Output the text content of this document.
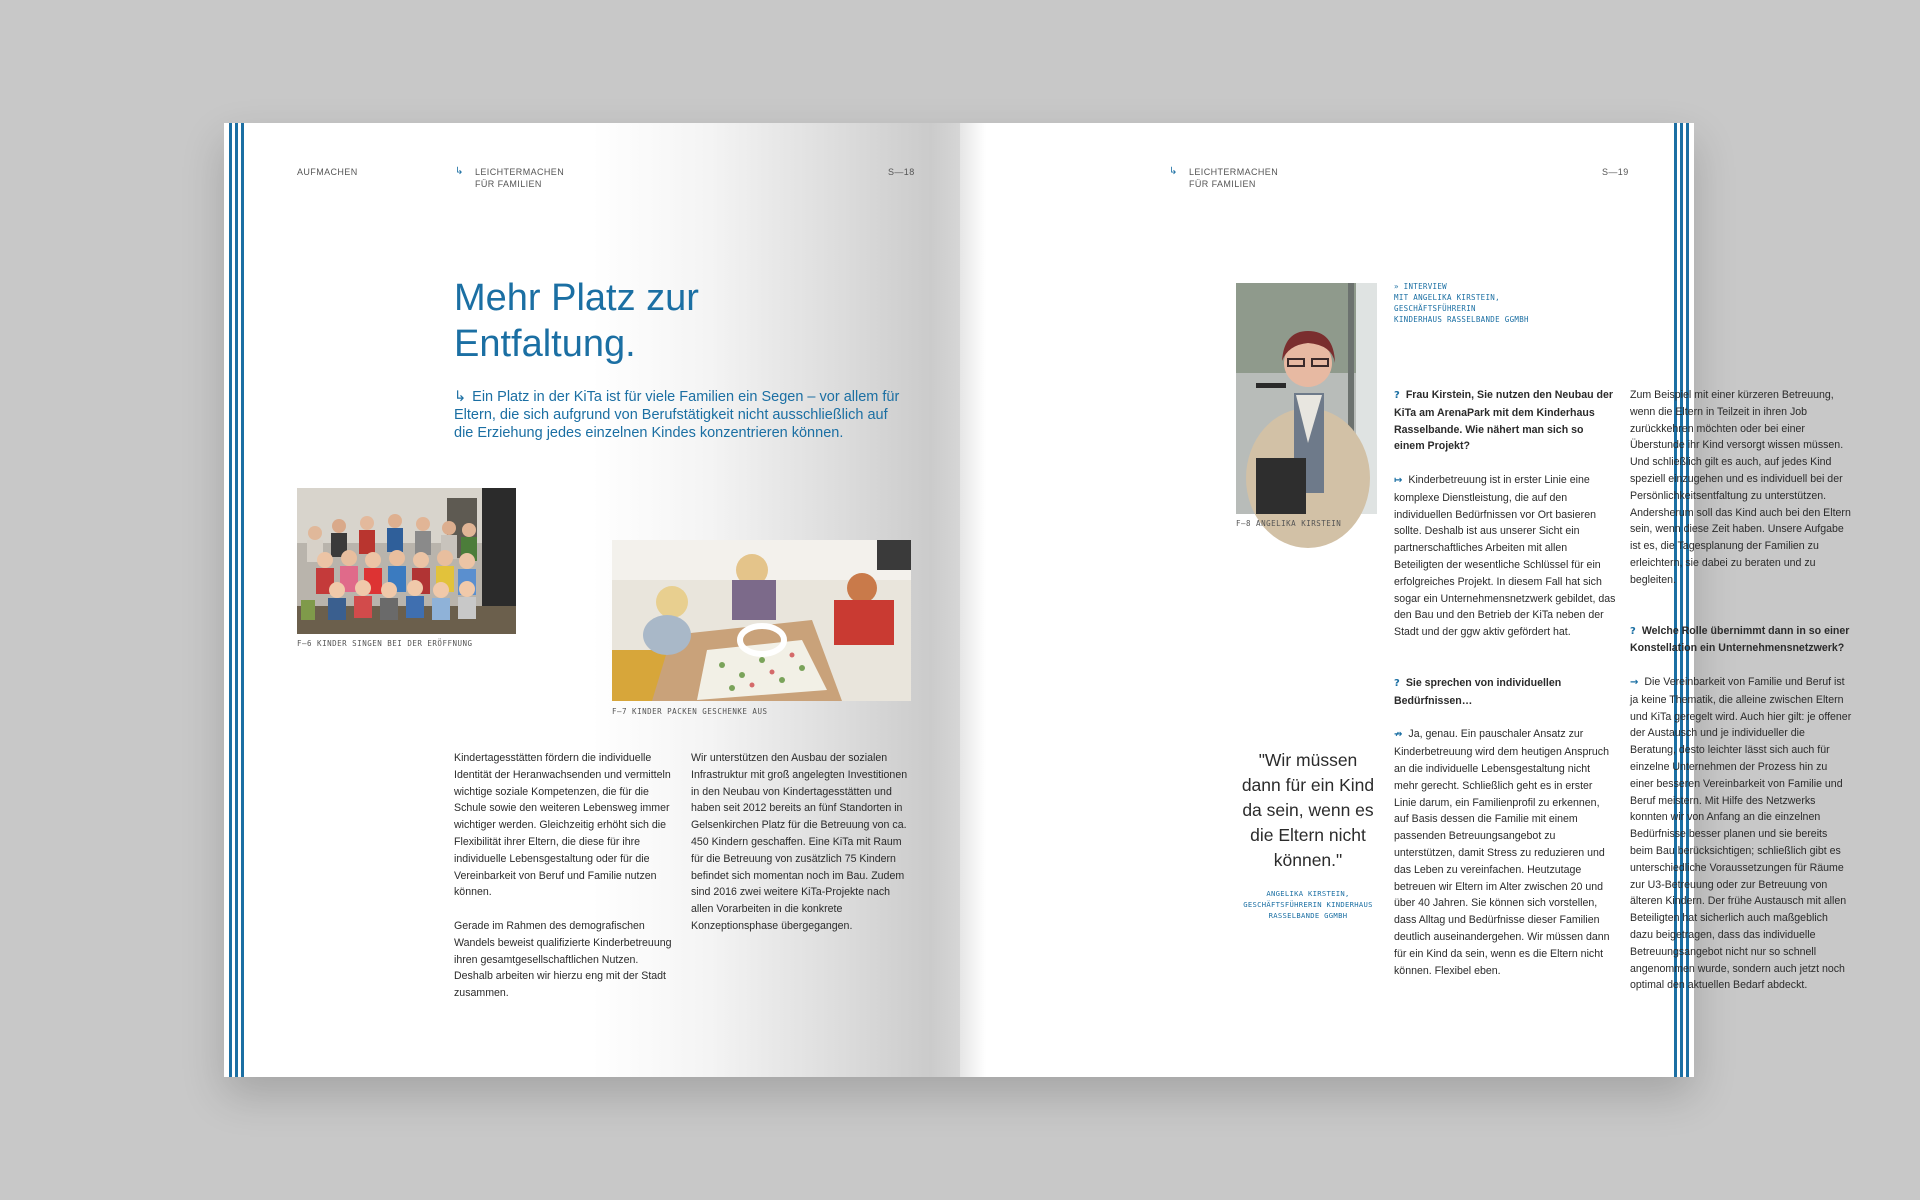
AUFMACHEN	↳ LEICHTERMACHEN
FÜR FAMILIEN
S—18
Mehr Platz zur
Entfaltung.

↳ Ein Platz in der KiTa ist für viele Familien ein Segen – vor allem für Eltern, die sich aufgrund von Berufstätigkeit nicht ausschließlich auf die Erziehung jedes einzelnen Kindes konzentrieren können.

F–6 KINDER SINGEN BEI DER ERÖFFNUNG
F–7 KINDER PACKEN GESCHENKE AUS

Kindertagesstätten fördern die individuelle Identität der Heranwachsenden und vermitteln wichtige soziale Kompetenzen, die für die Schule sowie den weiteren Lebensweg immer wichtiger werden. Gleichzeitig erhöht sich die Flexibilität ihrer Eltern, die diese für ihre individuelle Lebensgestaltung oder für die Vereinbarkeit von Beruf und Familie nutzen können.

Gerade im Rahmen des demografischen Wandels beweist qualifizierte Kinderbetreuung ihren gesamtgesellschaftlichen Nutzen. Deshalb arbeiten wir hierzu eng mit der Stadt zusammen.

Wir unterstützen den Ausbau der sozialen Infrastruktur mit groß angelegten Investitionen in den Neubau von Kindertagesstätten und haben seit 2012 bereits an fünf Standorten in Gelsenkirchen Platz für die Betreuung von ca. 450 Kindern geschaffen. Eine KiTa mit Raum für die Betreuung von zusätzlich 75 Kindern befindet sich momentan noch im Bau. Zudem sind 2016 zwei weitere KiTa-Projekte nach allen Vorarbeiten in die konkrete Konzeptionsphase übergegangen.

↳ LEICHTERMACHEN
FÜR FAMILIEN
S—19
F–8 ANGELIKA KIRSTEIN
» INTERVIEW
MIT ANGELIKA KIRSTEIN,
GESCHÄFTSFÜHRERIN
KINDERHAUS RASSELBANDE GGMBH
"Wir müssen dann für ein Kind da sein, wenn es die Eltern nicht können."
ANGELIKA KIRSTEIN,
GESCHÄFTSFÜHRERIN KINDERHAUS
RASSELBANDE GGMBH

? Frau Kirstein, Sie nutzen den Neubau der KiTa am ArenaPark mit dem Kinderhaus Rasselbande. Wie nähert man sich so einem Projekt?

↦ Kinderbetreuung ist in erster Linie eine komplexe Dienstleistung, die auf den individuellen Bedürfnissen vor Ort basieren sollte. Deshalb ist aus unserer Sicht ein partnerschaftliches Arbeiten mit allen Beteiligten der wesentliche Schlüssel für ein erfolgreiches Projekt. In diesem Fall hat sich sogar ein Unternehmensnetzwerk gebildet, das den Bau und den Betrieb der KiTa neben der Stadt und der ggw aktiv gefördert hat.

? Sie sprechen von individuellen Bedürfnissen…

↛ Ja, genau. Ein pauschaler Ansatz zur Kinderbetreuung wird dem heutigen Anspruch an die individuelle Lebensgestaltung nicht mehr gerecht. Schließlich geht es in erster Linie darum, ein Familienprofil zu erkennen, auf Basis dessen die Familie mit einem passenden Betreuungsangebot zu unterstützen, damit Stress zu reduzieren und das Leben zu vereinfachen. Heutzutage betreuen wir Eltern im Alter zwischen 20 und über 40 Jahren. Sie können sich vorstellen, dass Alltag und Bedürfnisse dieser Familien deutlich auseinandergehen. Wir müssen dann für ein Kind da sein, wenn es die Eltern nicht können. Flexibel eben.

Zum Beispiel mit einer kürzeren Betreuung, wenn die Eltern in Teilzeit in ihren Job zurückkehren möchten oder bei einer Überstunde ihr Kind versorgt wissen müssen. Und schließlich gilt es auch, auf jedes Kind speziell einzugehen und es individuell bei der Persönlichkeitsentfaltung zu unterstützen. Andersherum soll das Kind auch bei den Eltern sein, wenn diese Zeit haben. Unsere Aufgabe ist es, die Tagesplanung der Familien zu erleichtern, sie dabei zu beraten und zu begleiten.

? Welche Rolle übernimmt dann in so einer Konstellation ein Unternehmensnetzwerk?

→ Die Vereinbarkeit von Familie und Beruf ist ja keine Thematik, die alleine zwischen Eltern und KiTa geregelt wird. Auch hier gilt: je offener der Austausch und je individueller die Beratung, desto leichter lässt sich auch für einzelne Unternehmen der Prozess hin zu einer besseren Vereinbarkeit von Familie und Beruf meistern. Mit Hilfe des Netzwerks konnten wir von Anfang an die einzelnen Bedürfnisse besser planen und sie bereits beim Bau berücksichtigen; schließlich gibt es unterschiedliche Voraussetzungen für Räume zur U3-Betreuung oder zur Betreuung von älteren Kindern. Der frühe Austausch mit allen Beteiligten hat sicherlich auch maßgeblich dazu beigetragen, dass das individuelle Betreuungsangebot nicht nur so schnell angenommen wurde, sondern auch jetzt noch optimal den aktuellen Bedarf abdeckt.
